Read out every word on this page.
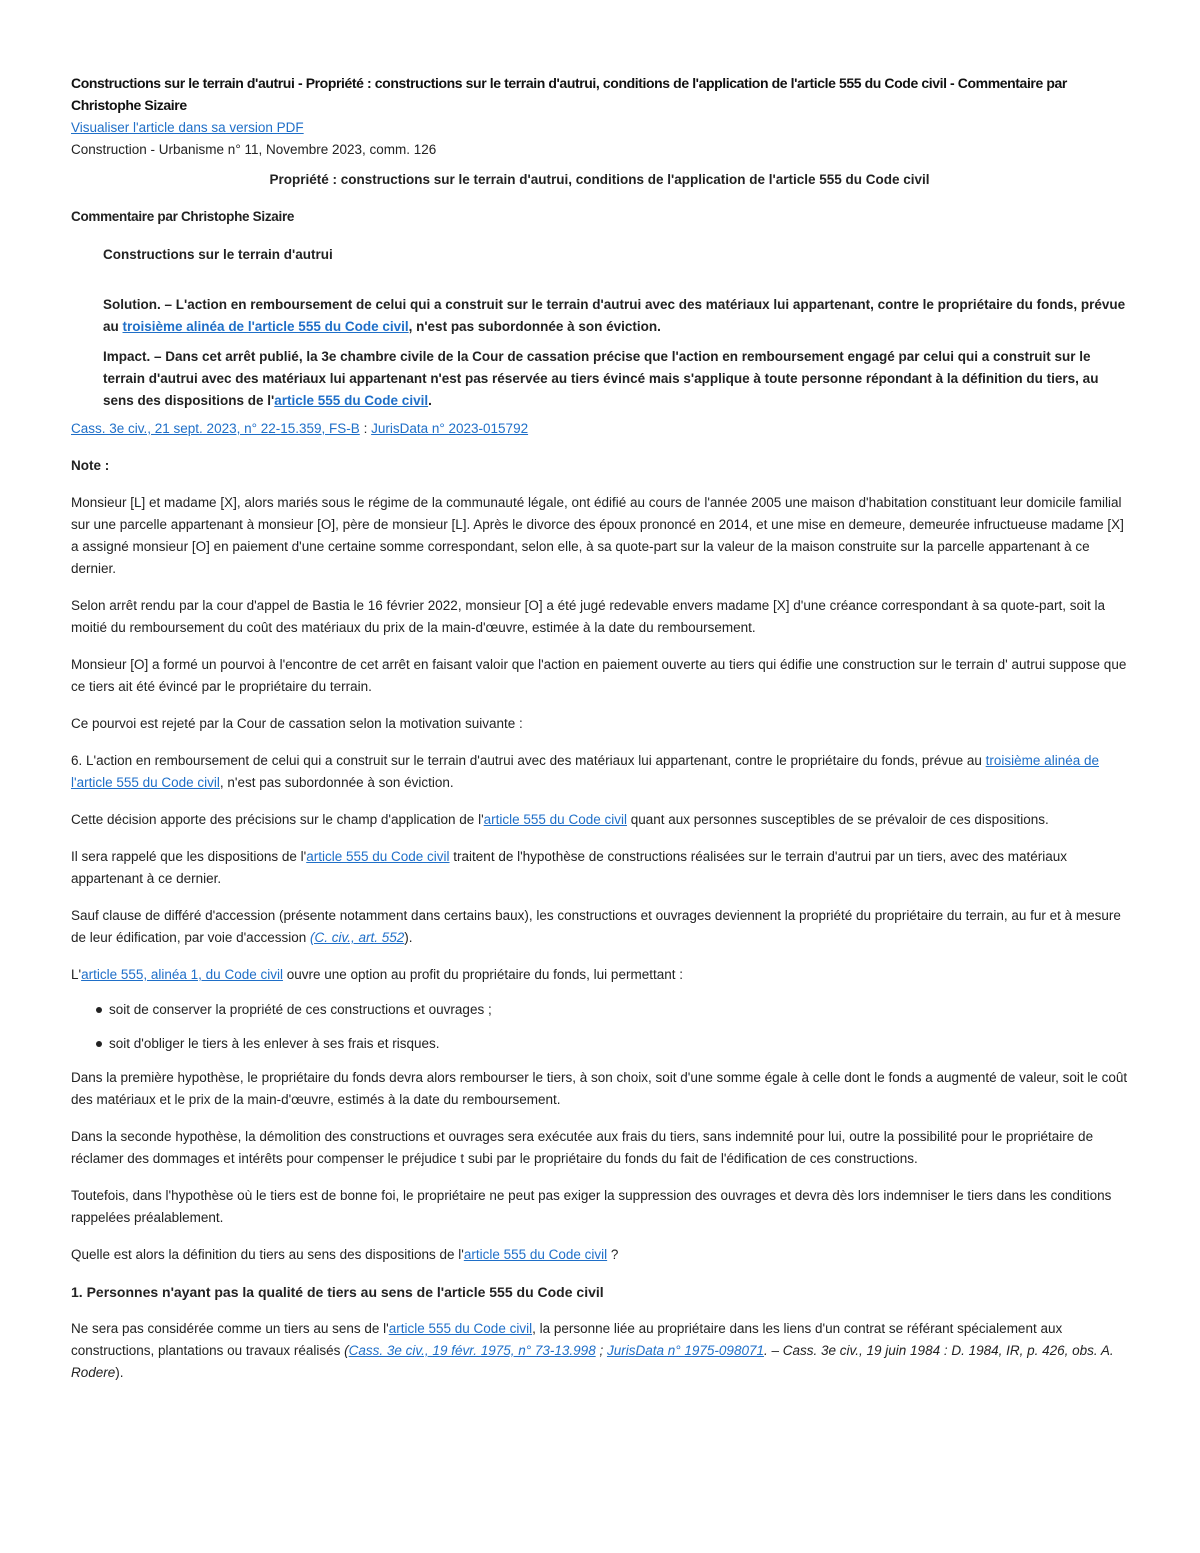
Constructions sur le terrain d'autrui - Propriété : constructions sur le terrain d'autrui, conditions de l'application de l'article 555 du Code civil - Commentaire par Christophe Sizaire
Visualiser l'article dans sa version PDF

Construction - Urbanisme n° 11, Novembre 2023, comm. 126

Propriété : constructions sur le terrain d'autrui, conditions de l'application de l'article 555 du Code civil

Commentaire par Christophe Sizaire

Constructions sur le terrain d'autrui

Solution. – L'action en remboursement de celui qui a construit sur le terrain d'autrui avec des matériaux lui appartenant, contre le propriétaire du fonds, prévue au troisième alinéa de l'article 555 du Code civil, n'est pas subordonnée à son éviction.

Impact. – Dans cet arrêt publié, la 3e chambre civile de la Cour de cassation précise que l'action en remboursement engagé par celui qui a construit sur le terrain d'autrui avec des matériaux lui appartenant n'est pas réservée au tiers évincé mais s'applique à toute personne répondant à la définition du tiers, au sens des dispositions de l'article 555 du Code civil.

Cass. 3e civ., 21 sept. 2023, n° 22-15.359, FS-B : JurisData n° 2023-015792

Note :

Monsieur [L] et madame [X], alors mariés sous le régime de la communauté légale, ont édifié au cours de l'année 2005 une maison d'habitation constituant leur domicile familial sur une parcelle appartenant à monsieur [O], père de monsieur [L]. Après le divorce des époux prononcé en 2014, et une mise en demeure, demeurée infructueuse madame [X] a assigné monsieur [O] en paiement d'une certaine somme correspondant, selon elle, à sa quote-part sur la valeur de la maison construite sur la parcelle appartenant à ce dernier.

Selon arrêt rendu par la cour d'appel de Bastia le 16 février 2022, monsieur [O] a été jugé redevable envers madame [X] d'une créance correspondant à sa quote-part, soit la moitié du remboursement du coût des matériaux du prix de la main-d'œuvre, estimée à la date du remboursement.

Monsieur [O] a formé un pourvoi à l'encontre de cet arrêt en faisant valoir que l'action en paiement ouverte au tiers qui édifie une construction sur le terrain d' autrui suppose que ce tiers ait été évincé par le propriétaire du terrain.

Ce pourvoi est rejeté par la Cour de cassation selon la motivation suivante :

6. L'action en remboursement de celui qui a construit sur le terrain d'autrui avec des matériaux lui appartenant, contre le propriétaire du fonds, prévue au troisième alinéa de l'article 555 du Code civil, n'est pas subordonnée à son éviction.

Cette décision apporte des précisions sur le champ d'application de l'article 555 du Code civil quant aux personnes susceptibles de se prévaloir de ces dispositions.

Il sera rappelé que les dispositions de l'article 555 du Code civil traitent de l'hypothèse de constructions réalisées sur le terrain d'autrui par un tiers, avec des matériaux appartenant à ce dernier.

Sauf clause de différé d'accession (présente notamment dans certains baux), les constructions et ouvrages deviennent la propriété du propriétaire du terrain, au fur et à mesure de leur édification, par voie d'accession (C. civ., art. 552).

L'article 555, alinéa 1, du Code civil ouvre une option au profit du propriétaire du fonds, lui permettant :

soit de conserver la propriété de ces constructions et ouvrages ;
soit d'obliger le tiers à les enlever à ses frais et risques.

Dans la première hypothèse, le propriétaire du fonds devra alors rembourser le tiers, à son choix, soit d'une somme égale à celle dont le fonds a augmenté de valeur, soit le coût des matériaux et le prix de la main-d'œuvre, estimés à la date du remboursement.

Dans la seconde hypothèse, la démolition des constructions et ouvrages sera exécutée aux frais du tiers, sans indemnité pour lui, outre la possibilité pour le propriétaire de réclamer des dommages et intérêts pour compenser le préjudice t subi par le propriétaire du fonds du fait de l'édification de ces constructions.

Toutefois, dans l'hypothèse où le tiers est de bonne foi, le propriétaire ne peut pas exiger la suppression des ouvrages et devra dès lors indemniser le tiers dans les conditions rappelées préalablement.

Quelle est alors la définition du tiers au sens des dispositions de l'article 555 du Code civil ?

1. Personnes n'ayant pas la qualité de tiers au sens de l'article 555 du Code civil

Ne sera pas considérée comme un tiers au sens de l'article 555 du Code civil, la personne liée au propriétaire dans les liens d'un contrat se référant spécialement aux constructions, plantations ou travaux réalisés (Cass. 3e civ., 19 févr. 1975, n° 73-13.998 ; JurisData n° 1975-098071. – Cass. 3e civ., 19 juin 1984 : D. 1984, IR, p. 426, obs. A. Rodere).
